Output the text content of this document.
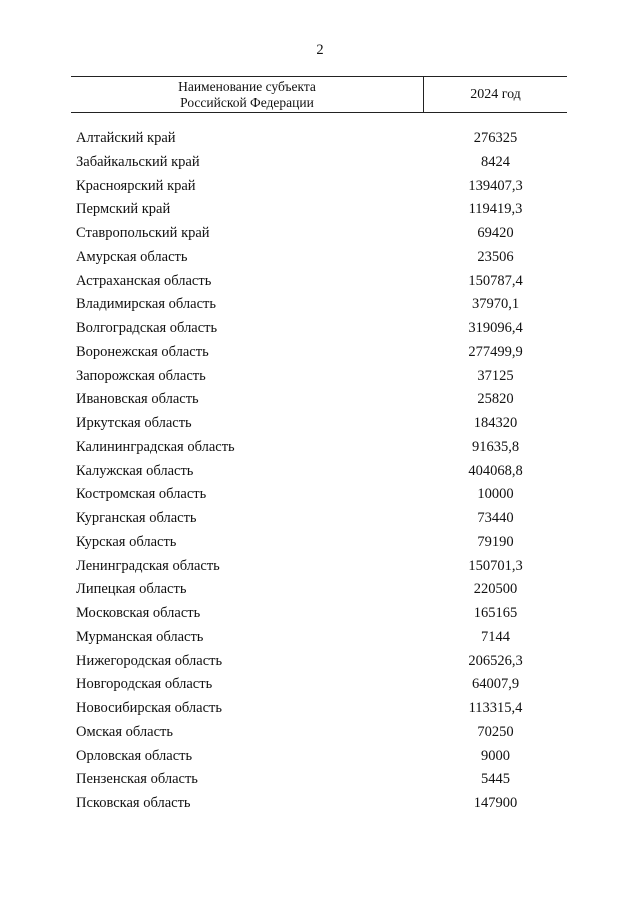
2
Наименование субъекта
Российской Федерации
2024 год
Алтайский край	276325
Забайкальский край	8424
Красноярский край	139407,3
Пермский край	119419,3
Ставропольский край	69420
Амурская область	23506
Астраханская область	150787,4
Владимирская область	37970,1
Волгоградская область	319096,4
Воронежская область	277499,9
Запорожская область	37125
Ивановская область	25820
Иркутская область	184320
Калининградская область	91635,8
Калужская область	404068,8
Костромская область	10000
Курганская область	73440
Курская область	79190
Ленинградская область	150701,3
Липецкая область	220500
Московская область	165165
Мурманская область	7144
Нижегородская область	206526,3
Новгородская область	64007,9
Новосибирская область	113315,4
Омская область	70250
Орловская область	9000
Пензенская область	5445
Псковская область	147900
